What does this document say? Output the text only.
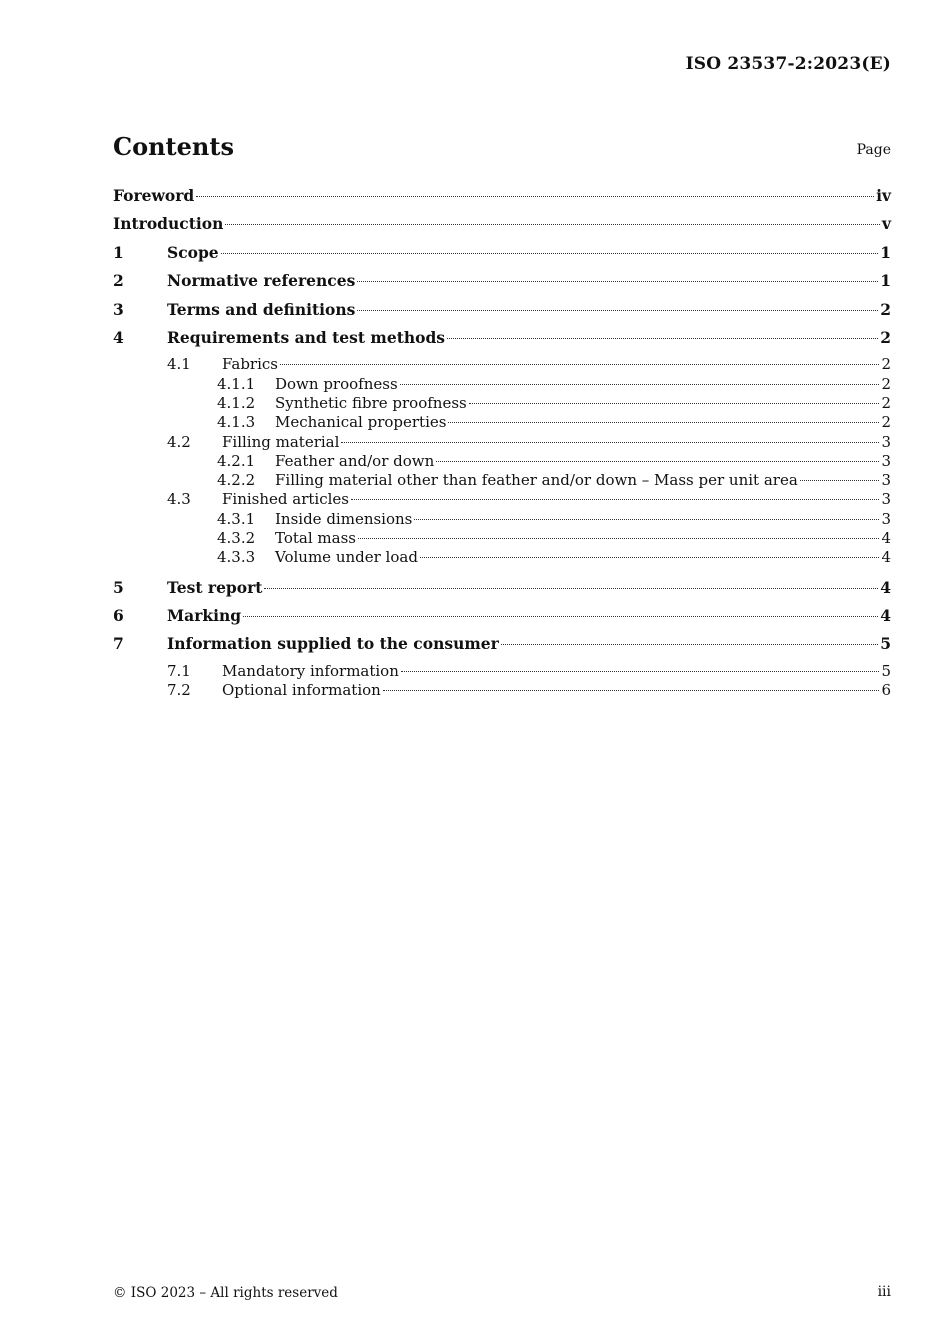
ISO 23537-2:2023(E)
Contents	Page
Foreword	iv
Introduction	v
1	Scope	1
2	Normative references	1
3	Terms and definitions	2
4	Requirements and test methods	2
4.1	Fabrics	2
4.1.1	Down proofness	2
4.1.2	Synthetic fibre proofness	2
4.1.3	Mechanical properties	2
4.2	Filling material	3
4.2.1	Feather and/or down	3
4.2.2	Filling material other than feather and/or down – Mass per unit area	3
4.3	Finished articles	3
4.3.1	Inside dimensions	3
4.3.2	Total mass	4
4.3.3	Volume under load	4
5	Test report	4
6	Marking	4
7	Information supplied to the consumer	5
7.1	Mandatory information	5
7.2	Optional information	6
© ISO 2023 – All rights reserved	iii
